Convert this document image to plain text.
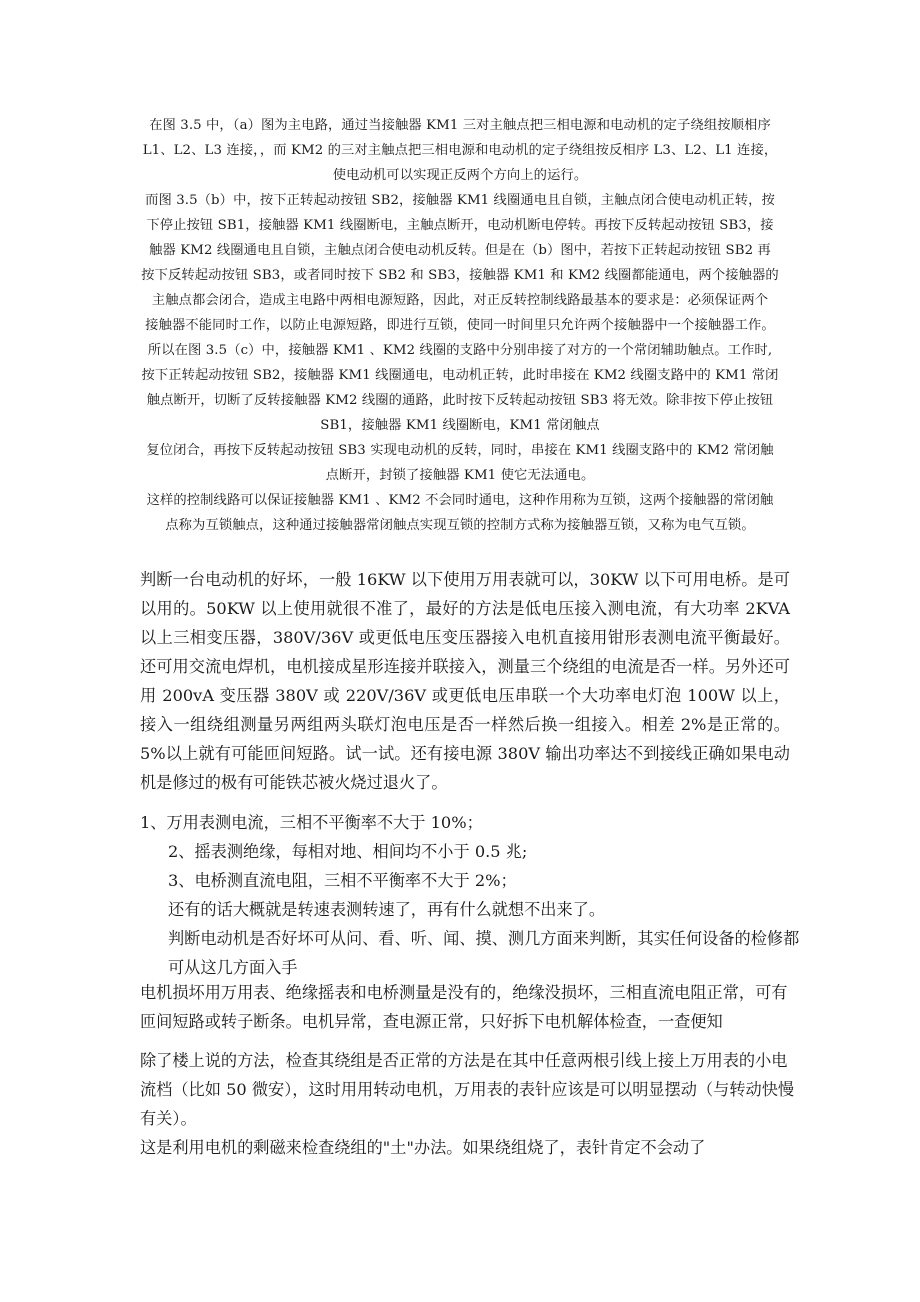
在图 3.5 中，（a）图为主电路，通过当接触器 KM1 三对主触点把三相电源和电动机的定子绕组按顺相序

L1、L2、L3 连接，，而 KM2 的三对主触点把三相电源和电动机的定子绕组按反相序 L3、L2、L1 连接，

使电动机可以实现正反两个方向上的运行。

而图 3.5（b）中，按下正转起动按钮 SB2，接触器 KM1 线圈通电且自锁，主触点闭合使电动机正转，按

下停止按钮 SB1，接触器 KM1 线圈断电，主触点断开，电动机断电停转。再按下反转起动按钮 SB3，接

触器 KM2 线圈通电且自锁，主触点闭合使电动机反转。但是在（b）图中，若按下正转起动按钮 SB2 再

按下反转起动按钮 SB3，或者同时按下 SB2 和 SB3，接触器 KM1 和 KM2 线圈都能通电，两个接触器的

主触点都会闭合，造成主电路中两相电源短路，因此，对正反转控制线路最基本的要求是：必须保证两个

接触器不能同时工作，以防止电源短路，即进行互锁，使同一时间里只允许两个接触器中一个接触器工作。

所以在图 3.5（c）中，接触器 KM1 、KM2 线圈的支路中分别串接了对方的一个常闭辅助触点。工作时,

按下正转起动按钮 SB2，接触器 KM1 线圈通电，电动机正转，此时串接在 KM2 线圈支路中的 KM1 常闭

触点断开，切断了反转接触器 KM2 线圈的通路，此时按下反转起动按钮 SB3 将无效。除非按下停止按钮

SB1，接触器 KM1 线圈断电，KM1 常闭触点

复位闭合，再按下反转起动按钮 SB3 实现电动机的反转，同时，串接在 KM1 线圈支路中的 KM2 常闭触

点断开，封锁了接触器 KM1 使它无法通电。

这样的控制线路可以保证接触器 KM1 、KM2 不会同时通电，这种作用称为互锁，这两个接触器的常闭触

点称为互锁触点，这种通过接触器常闭触点实现互锁的控制方式称为接触器互锁，又称为电气互锁。

判断一台电动机的好坏，一般 16KW 以下使用万用表就可以，30KW 以下可用电桥。是可以用的。50KW 以上使用就很不准了，最好的方法是低电压接入测电流，有大功率 2KVA 以上三相变压器，380V/36V 或更低电压变压器接入电机直接用钳形表测电流平衡最好。还可用交流电焊机，电机接成星形连接并联接入，测量三个绕组的电流是否一样。另外还可用 200vA 变压器 380V 或 220V/36V 或更低电压串联一个大功率电灯泡 100W 以上，接入一组绕组测量另两组两头联灯泡电压是否一样然后换一组接入。相差 2%是正常的。5%以上就有可能匝间短路。试一试。还有接电源 380V 输出功率达不到接线正确如果电动机是修过的极有可能铁芯被火烧过退火了。

1、万用表测电流，三相不平衡率不大于 10%；

2、摇表测绝缘，每相对地、相间均不小于 0.5 兆;

3、电桥测直流电阻，三相不平衡率不大于 2%；

还有的话大概就是转速表测转速了，再有什么就想不出来了。

判断电动机是否好坏可从问、看、听、闻、摸、测几方面来判断，其实任何设备的检修都可从这几方面入手

电机损坏用万用表、绝缘摇表和电桥测量是没有的，绝缘没损坏，三相直流电阻正常，可有匝间短路或转子断条。电机异常，查电源正常，只好拆下电机解体检查，一查便知

除了楼上说的方法，检查其绕组是否正常的方法是在其中任意两根引线上接上万用表的小电流档（比如 50 微安），这时用用转动电机，万用表的表针应该是可以明显摆动（与转动快慢有关）。

这是利用电机的剩磁来检查绕组的"土"办法。如果绕组烧了，表针肯定不会动了
